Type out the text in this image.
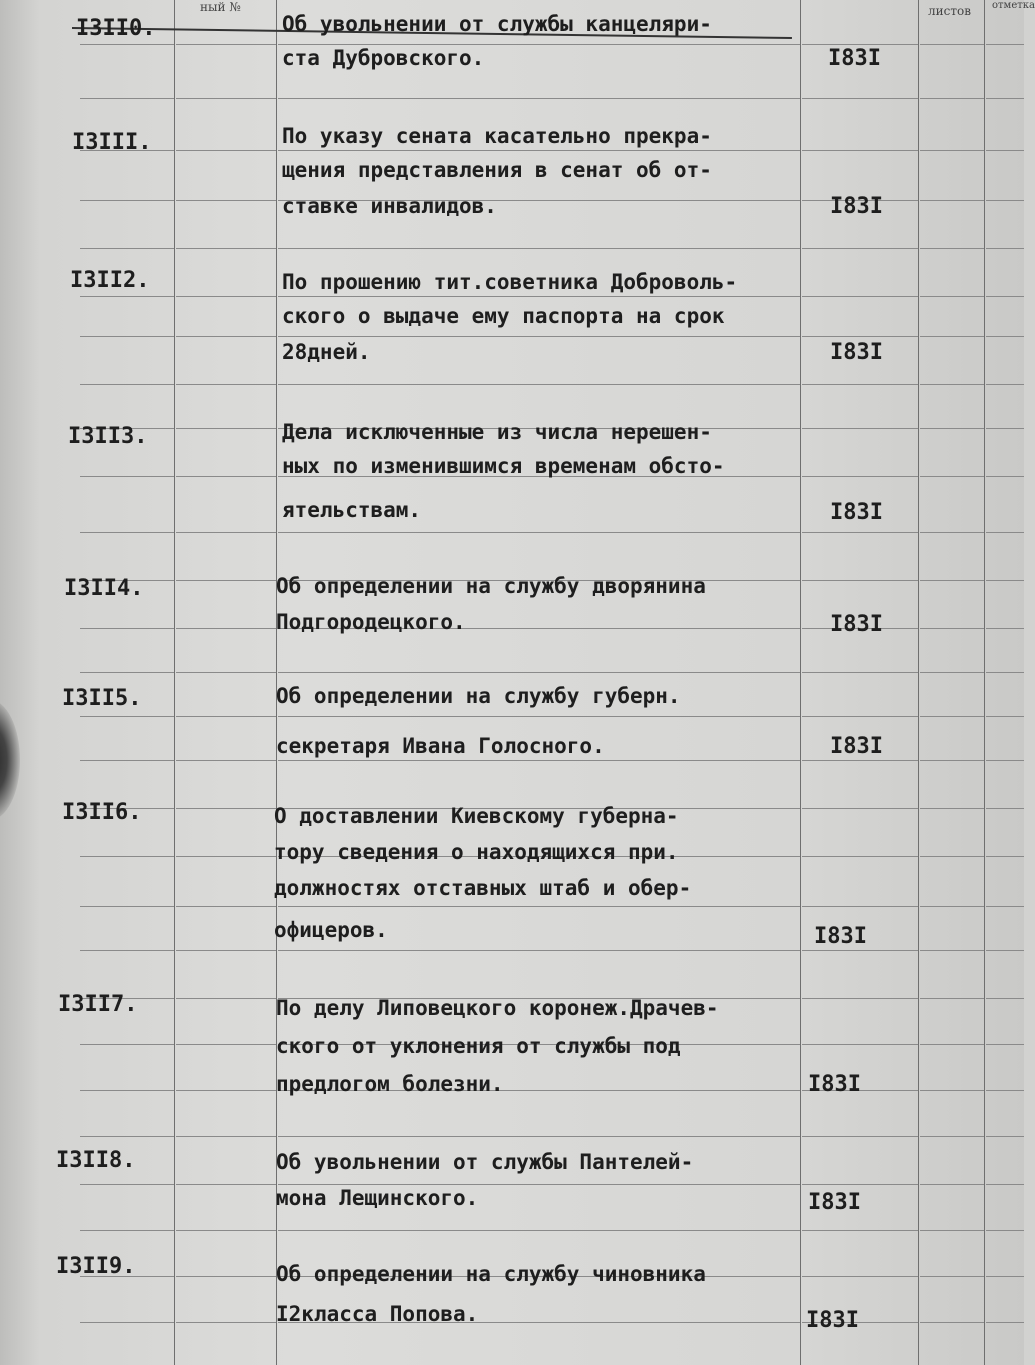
ный №	листов отметка
I3II0.	Об увольнении от службы канцеляри-
ста Дубровского.	I83I
I3III.	По указу сената касательно прекра-
щения представления в сенат об от-
ставке инвалидов.	I83I
I3II2.	По прошению тит.советника Доброволь-
ского о выдаче ему паспорта на срок
28дней.	I83I
I3II3.	Дела исключенные из числа нерешен-
ных по изменившимся временам обсто-
ятельствам.	I83I
I3II4.	Об определении на службу дворянина
Подгородецкого.	I83I
I3II5.	Об определении на службу губерн.
секретаря Ивана Голосного.	I83I
I3II6.	О доставлении Киевскому губерна-
тору сведения о находящихся при.
должностях отставных штаб и обер-
офицеров.	I83I
I3II7.	По делу Липовецкого коронеж.Драчев-
ского от уклонения от службы под
предлогом болезни.	I83I
I3II8.	Об увольнении от службы Пантелей-
мона Лещинского.	I83I
I3II9.	Об определении на службу чиновника
I2класса Попова.	I83I
